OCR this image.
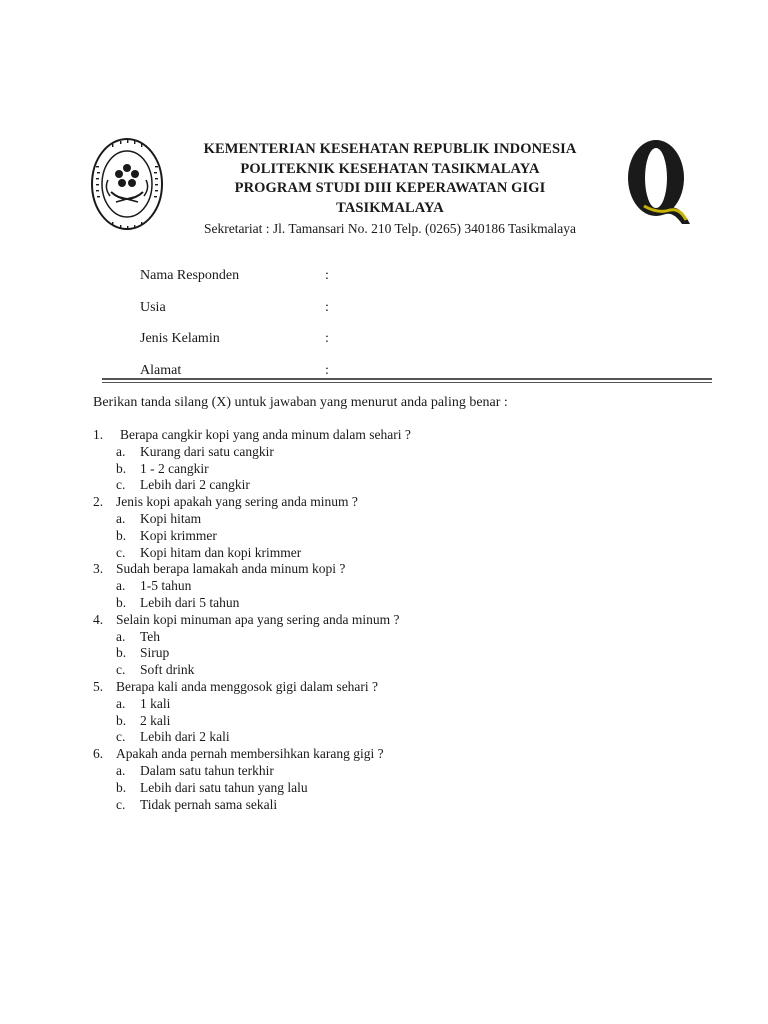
KEMENTERIAN KESEHATAN REPUBLIK INDONESIA
POLITEKNIK KESEHATAN TASIKMALAYA
PROGRAM STUDI DIII KEPERAWATAN GIGI
TASIKMALAYA
Sekretariat : Jl. Tamansari No. 210 Telp. (0265) 340186 Tasikmalaya
Nama Responden	:
Usia	:
Jenis Kelamin	:
Alamat	:
Berikan tanda silang (X) untuk jawaban yang menurut anda paling benar :
1. Berapa cangkir kopi yang anda minum dalam sehari ?
a. Kurang dari satu cangkir
b. 1 - 2 cangkir
c. Lebih dari 2 cangkir
2. Jenis kopi apakah yang sering anda minum ?
a. Kopi hitam
b. Kopi krimmer
c. Kopi hitam dan kopi krimmer
3. Sudah berapa lamakah anda minum kopi ?
a. 1-5 tahun
b. Lebih dari 5 tahun
4. Selain kopi minuman apa yang sering anda minum ?
a. Teh
b. Sirup
c. Soft drink
5. Berapa kali anda menggosok gigi dalam sehari ?
a. 1 kali
b. 2 kali
c. Lebih dari 2 kali
6. Apakah anda pernah membersihkan karang gigi ?
a. Dalam satu tahun terkhir
b. Lebih dari satu tahun yang lalu
c. Tidak pernah sama sekali
